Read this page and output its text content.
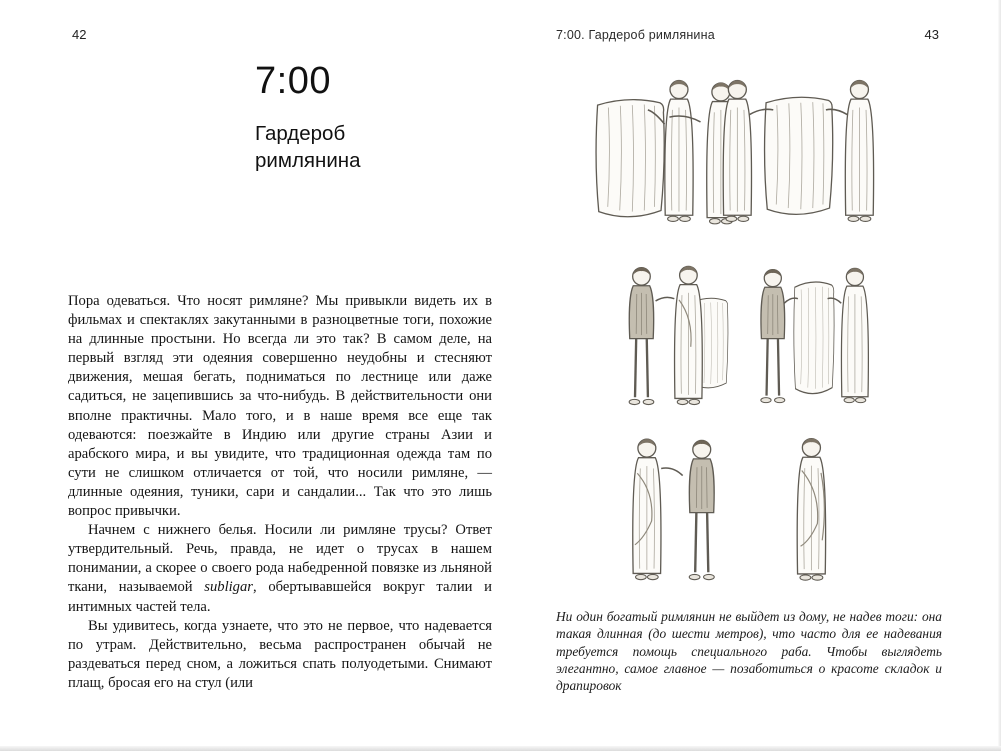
42
7:00
Гардероб
римлянина

Пора одеваться. Что носят римляне? Мы привыкли видеть их в фильмах и спектаклях закутанными в разноцветные тоги, похожие на длинные простыни. Но всегда ли это так? В самом деле, на первый взгляд эти одеяния совершенно неудобны и стесняют движения, мешая бегать, подниматься по лестнице или даже садиться, не зацепившись за что-нибудь. В действительности они вполне практичны. Мало того, и в наше время все еще так одеваются: поезжайте в Индию или другие страны Азии и арабского мира, и вы увидите, что традиционная одежда там по сути не слишком отличается от той, что носили римляне, — длинные одеяния, туники, сари и сандалии... Так что это лишь вопрос привычки.

Начнем с нижнего белья. Носили ли римляне трусы? Ответ утвердительный. Речь, правда, не идет о трусах в нашем понимании, а скорее о своего рода набедренной повязке из льняной ткани, называемой subligar, обертывавшейся вокруг талии и интимных частей тела.

Вы удивитесь, когда узнаете, что это не первое, что надевается по утрам. Действительно, весьма распространен обычай не раздеваться перед сном, а ложиться спать полуодетыми. Снимают плащ, бросая его на стул (или

7:00. Гардероб римлянина	43
Ни один богатый римлянин не выйдет из дому, не надев тоги: она такая длинная (до шести метров), что часто для ее надевания требуется помощь специального раба. Чтобы выглядеть элегантно, самое главное — позаботиться о красоте складок и драпировок
